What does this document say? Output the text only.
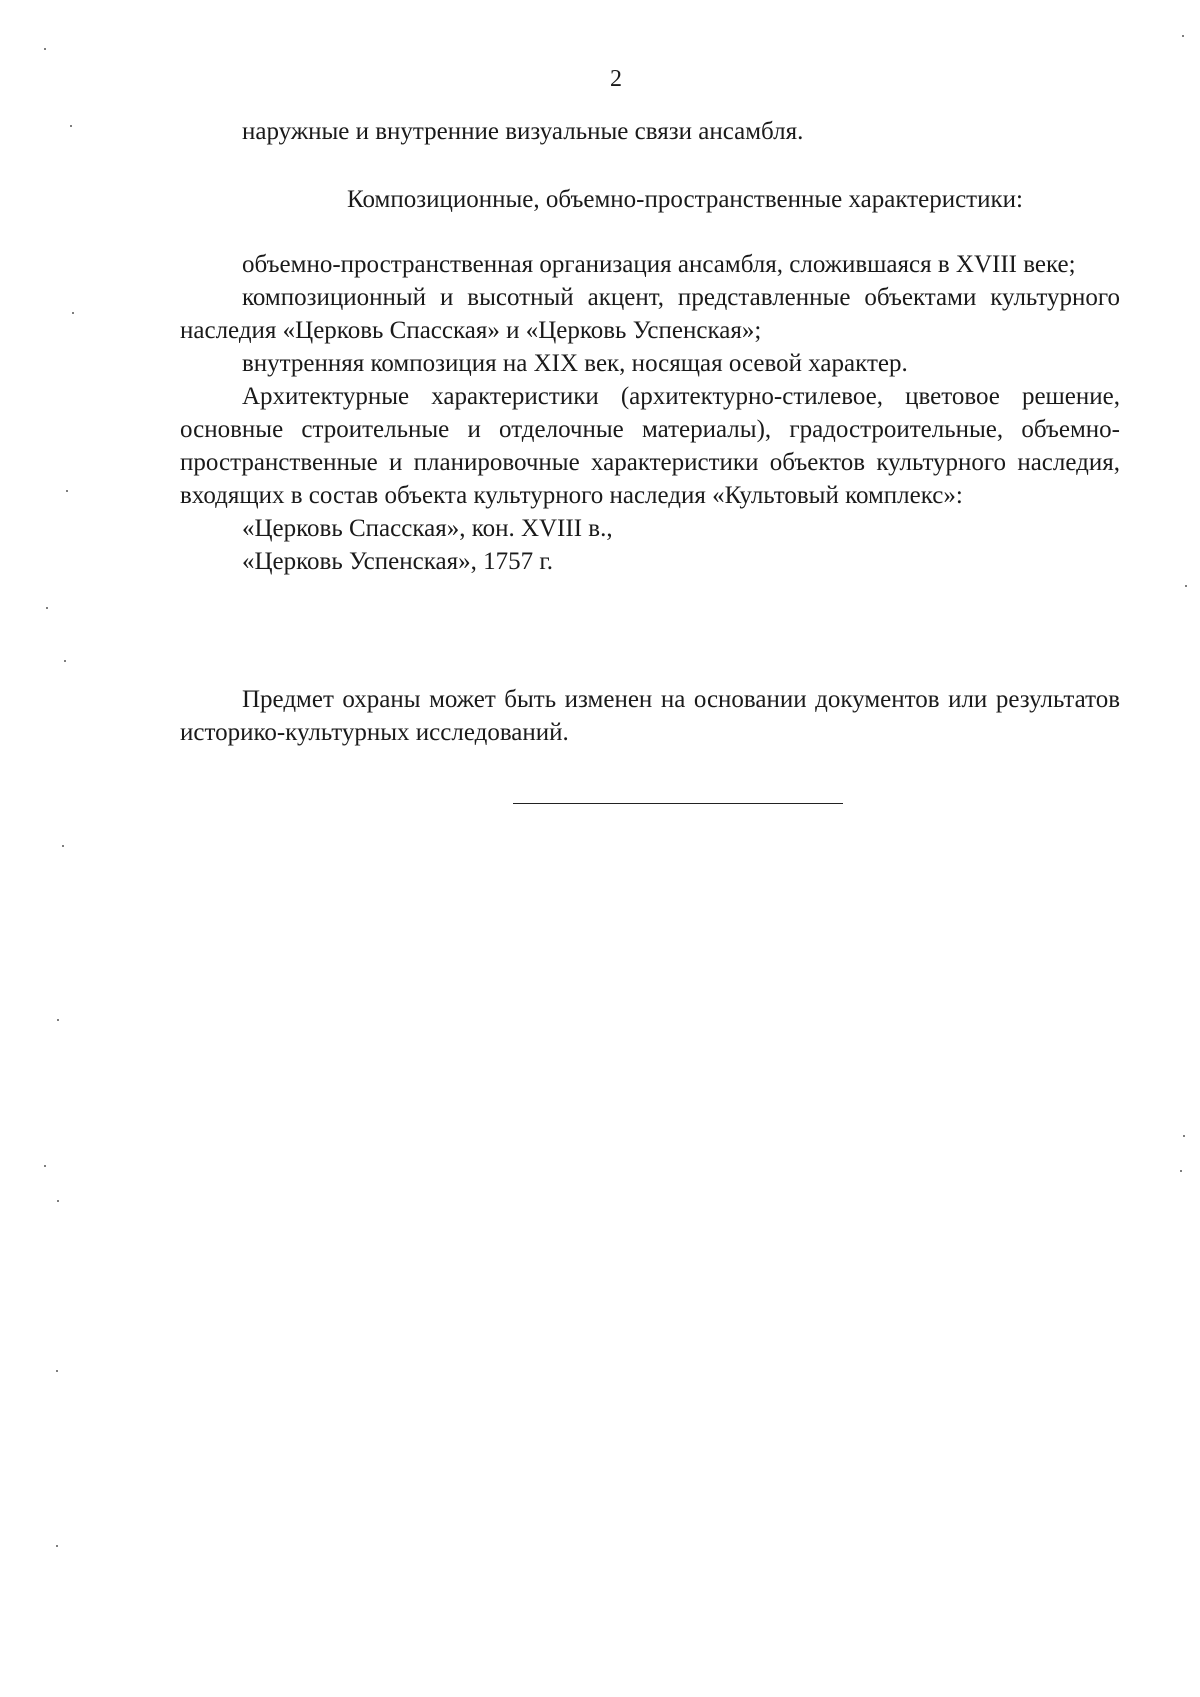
2

наружные и внутренние визуальные связи ансамбля.

Композиционные, объемно-пространственные характеристики:

объемно-пространственная организация ансамбля, сложившаяся в XVIII веке;

композиционный и высотный акцент, представленные объектами культурного наследия «Церковь Спасская» и «Церковь Успенская»;

внутренняя композиция на XIX век, носящая осевой характер.

Архитектурные характеристики (архитектурно-стилевое, цветовое решение, основные строительные и отделочные материалы), градостроительные, объемно-пространственные и планировочные характеристики объектов культурного наследия, входящих в состав объекта культурного наследия «Культовый комплекс»:

«Церковь Спасская», кон. XVIII в.,

«Церковь Успенская», 1757 г.

Предмет охраны может быть изменен на основании документов или результатов историко-культурных исследований.
